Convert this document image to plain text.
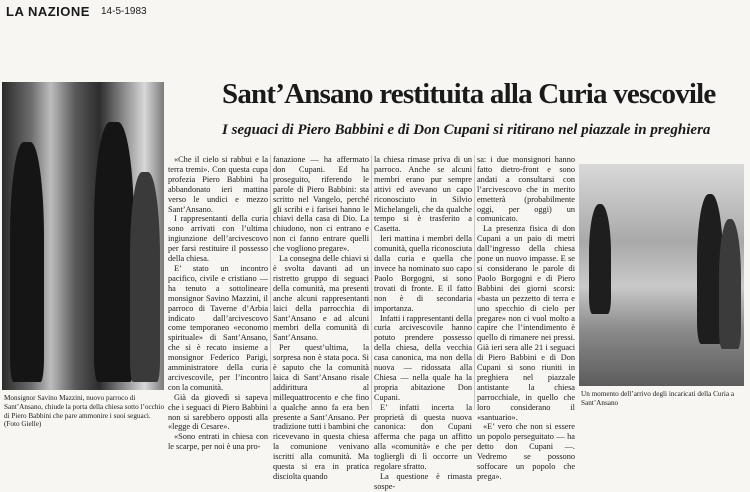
LA NAZIONE 14-5-1983
Sant’Ansano restituita alla Curia vescovile
I seguaci di Piero Babbini e di Don Cupani si ritirano nel piazzale in preghiera

«Che il cielo si rabbui e la terra tremi». Con questa cupa profezia Piero Babbini ha abbandonato ieri mattina verso le undici e mezzo Sant’Ansano.

I rappresentanti della curia sono arrivati con l’ultima ingiunzione dell’arcivescovo per farsi restituire il possesso della chiesa.

E’ stato un incontro pacifico, civile e cristiano — ha tenuto a sottolineare monsignor Savino Mazzini, il parroco di Taverne d’Arbia indicato dall’arcivescovo come temporaneo «economo spirituale» di Sant’Ansano, che si è recato insieme a monsignor Federico Parigi, amministratore della curia arcivescovile, per l’incontro con la comunità.

Già da giovedì si sapeva che i seguaci di Piero Babbini non si sarebbero opposti alla «legge di Cesare».

«Sono entrati in chiesa con le scarpe, per noi è una pro-

fanazione — ha affermato don Cupani. Ed ha proseguito, riferendo le parole di Piero Babbini: sta scritto nel Vangelo, perché gli scribi e i farisei hanno le chiavi della casa di Dio. La chiudono, non ci entrano e non ci fanno entrare quelli che vogliono pregare».

La consegna delle chiavi si è svolta davanti ad un ristretto gruppo di seguaci della comunità, ma presenti anche alcuni rappresentanti laici della parrocchia di Sant’Ansano e ad alcuni membri della comunità di Sant’Ansano.

Per quest’ultima, la sorpresa non è stata poca. Si è saputo che la comunità laica di Sant’Ansano risale addirittura al millequattrocento e che fino a qualche anno fa era ben presente a Sant’Ansano. Per tradizione tutti i bambini che ricevevano in questa chiesa la comunione venivano iscritti alla comunità. Ma questa si era in pratica disciolta quando

la chiesa rimase priva di un parroco. Anche se alcuni membri erano pur sempre attivi ed avevano un capo riconosciuto in Silvio Michelangeli, che da qualche tempo si è trasferito a Casetta.

Ieri mattina i membri della comunità, quella riconosciuta dalla curia e quella che invece ha nominato suo capo Paolo Borgogni, si sono trovati di fronte. E il fatto non è di secondaria importanza.

Infatti i rappresentanti della curia arcivescovile hanno potuto prendere possesso della chiesa, della vecchia casa canonica, ma non della nuova — ridossata alla Chiesa — nella quale ha la propria abitazione Don Cupani.

E’ infatti incerta la proprietà di questa nuova canonica: don Cupani afferma che paga un affitto alla «comunità» e che per togliergli di lì occorre un regolare sfratto.

La questione è rimasta sospe-

sa: i due monsignori hanno fatto dietro-front e sono andati a consultarsi con l’arcivescovo che in merito emetterà (probabilmente oggi, per oggi) un comunicato.

La presenza fisica di don Cupani a un paio di metri dall’ingresso della chiesa pone un nuovo impasse. E se si considerano le parole di Paolo Borgogni e di Piero Babbini dei giorni scorsi: «basta un pezzetto di terra e uno specchio di cielo per pregare» non ci vuol molto a capire che l’intendimento è quello di rimanere nei pressi. Già ieri sera alle 21 i seguaci di Piero Babbini e di Don Cupani si sono riuniti in preghiera nel piazzale antistante la chiesa parrocchiale, in quello che loro considerano il «santuario».

«E’ vero che non si essere un popolo perseguitato — ha detto don Cupani —. Vedremo se possono soffocare un popolo che prega».

Monsignor Savino Mazzini, nuovo parroco di Sant’Ansano, chiude la porta della chiesa sotto l’occhio di Piero Babbini che pare ammonire i suoi seguaci. (Foto Gielle)
Un momento dell’arrivo degli incaricati della Curia a Sant’Ansano
